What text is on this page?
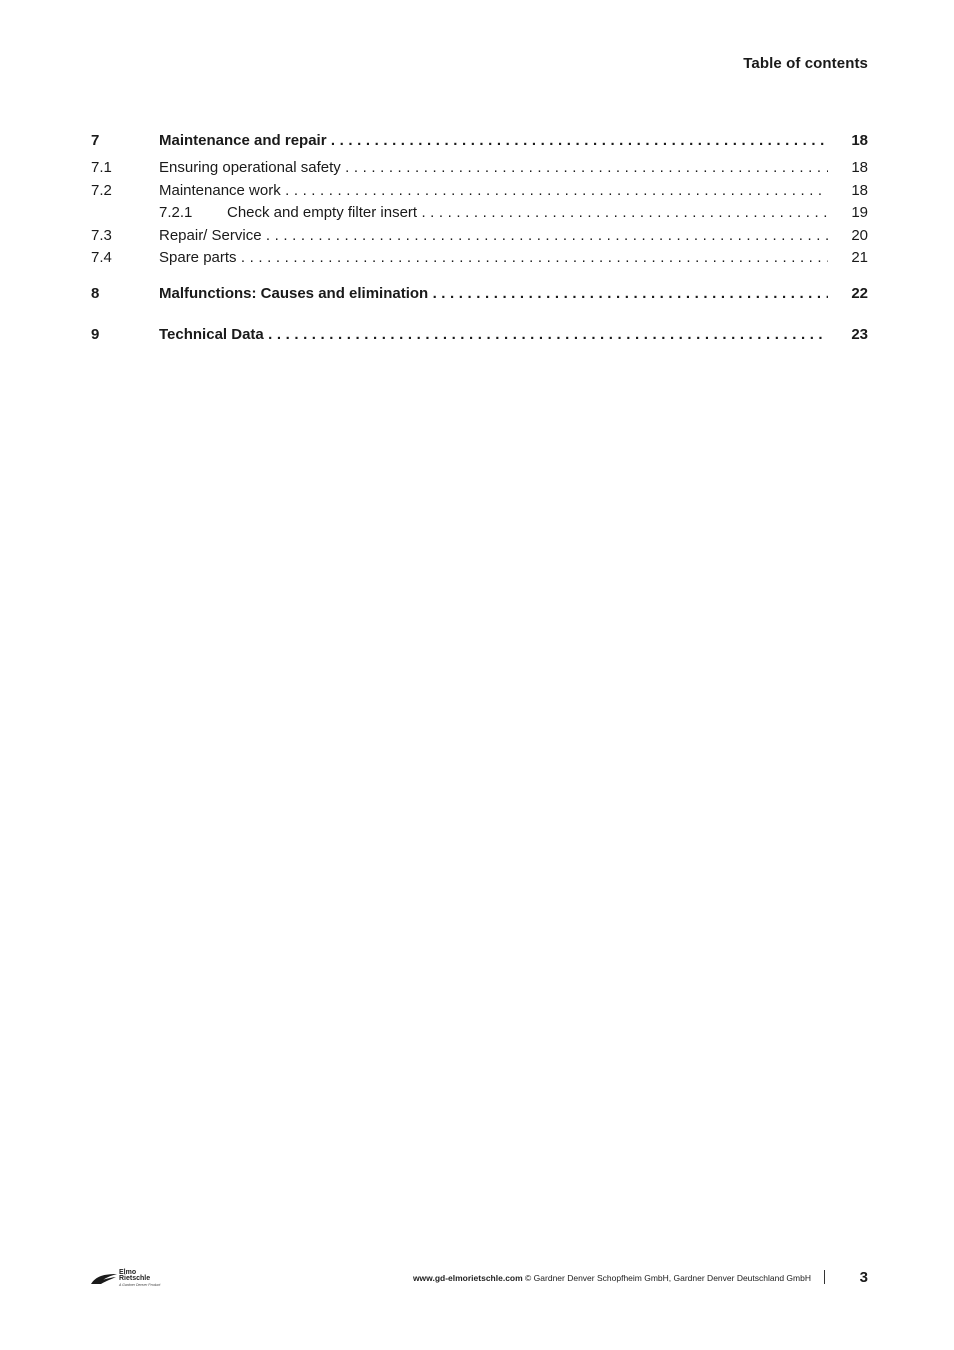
Table of contents
7	Maintenance and repair . . .	18
7.1	Ensuring operational safety . . .	18
7.2	Maintenance work . . .	18
7.2.1 Check and empty filter insert . . .	19
7.3	Repair/ Service . . .	20
7.4	Spare parts . . .	21
8	Malfunctions: Causes and elimination . . .	22
9	Technical Data . . .	23
Elmo
Rietschle
A Gardner Denver Product
www.gd-elmorietschle.com © Gardner Denver Schopfheim GmbH, Gardner Denver Deutschland GmbH	3
